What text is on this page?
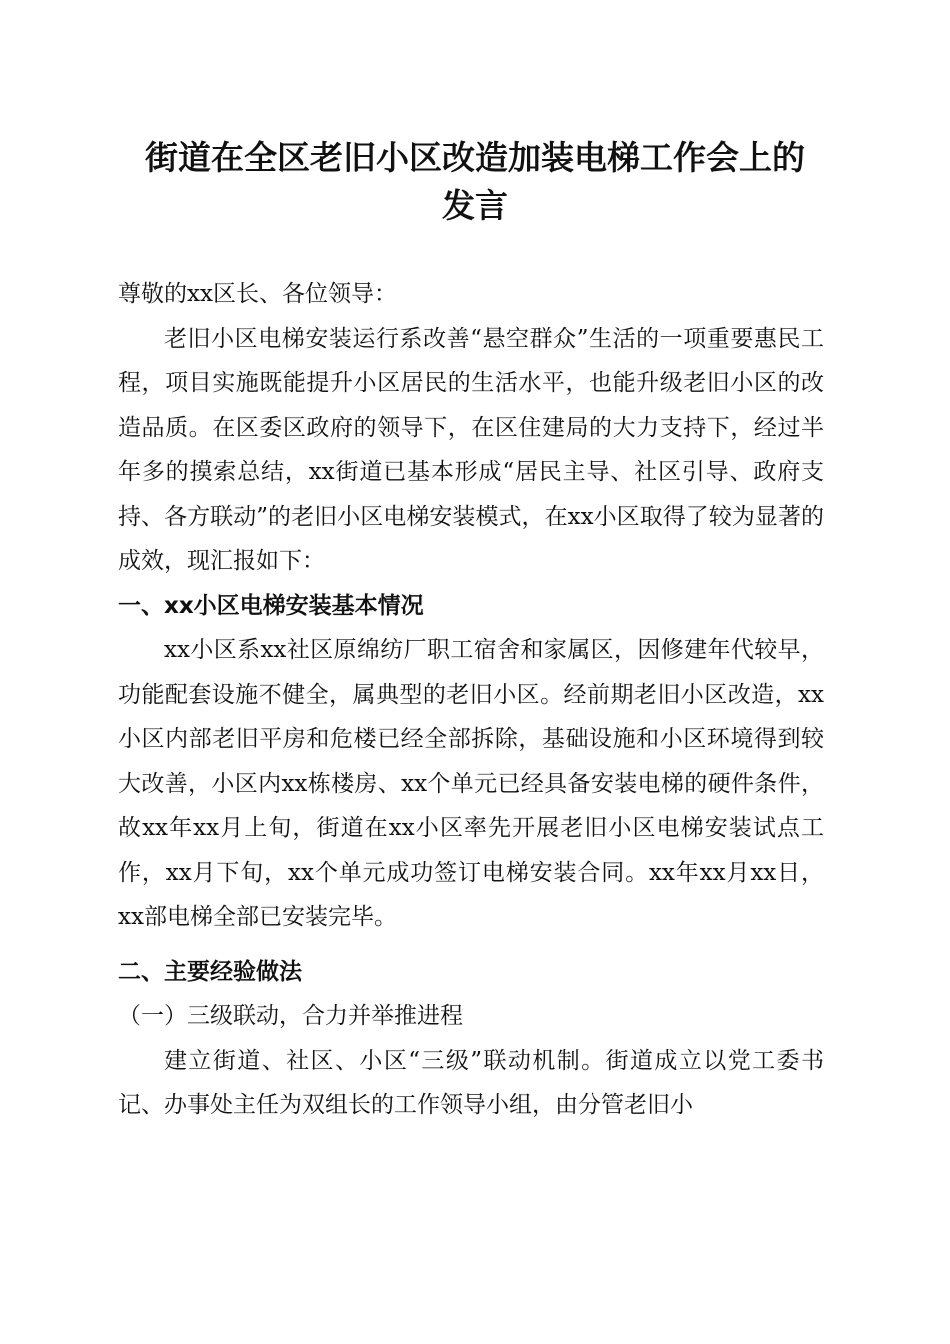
街道在全区老旧小区改造加装电梯工作会上的
发言

尊敬的xx区长、各位领导：

老旧小区电梯安装运行系改善“悬空群众”生活的一项重要惠民工程，项目实施既能提升小区居民的生活水平，也能升级老旧小区的改造品质。在区委区政府的领导下，在区住建局的大力支持下，经过半年多的摸索总结，xx街道已基本形成“居民主导、社区引导、政府支持、各方联动”的老旧小区电梯安装模式，在xx小区取得了较为显著的成效，现汇报如下：

一、xx小区电梯安装基本情况

xx小区系xx社区原绵纺厂职工宿舍和家属区，因修建年代较早，功能配套设施不健全，属典型的老旧小区。经前期老旧小区改造，xx小区内部老旧平房和危楼已经全部拆除，基础设施和小区环境得到较大改善，小区内xx栋楼房、xx个单元已经具备安装电梯的硬件条件，故xx年xx月上旬，街道在xx小区率先开展老旧小区电梯安装试点工作，xx月下旬，xx个单元成功签订电梯安装合同。xx年xx月xx日，xx部电梯全部已安装完毕。

二、主要经验做法

（一）三级联动，合力并举推进程

建立街道、社区、小区“三级”联动机制。街道成立以党工委书记、办事处主任为双组长的工作领导小组，由分管老旧小
